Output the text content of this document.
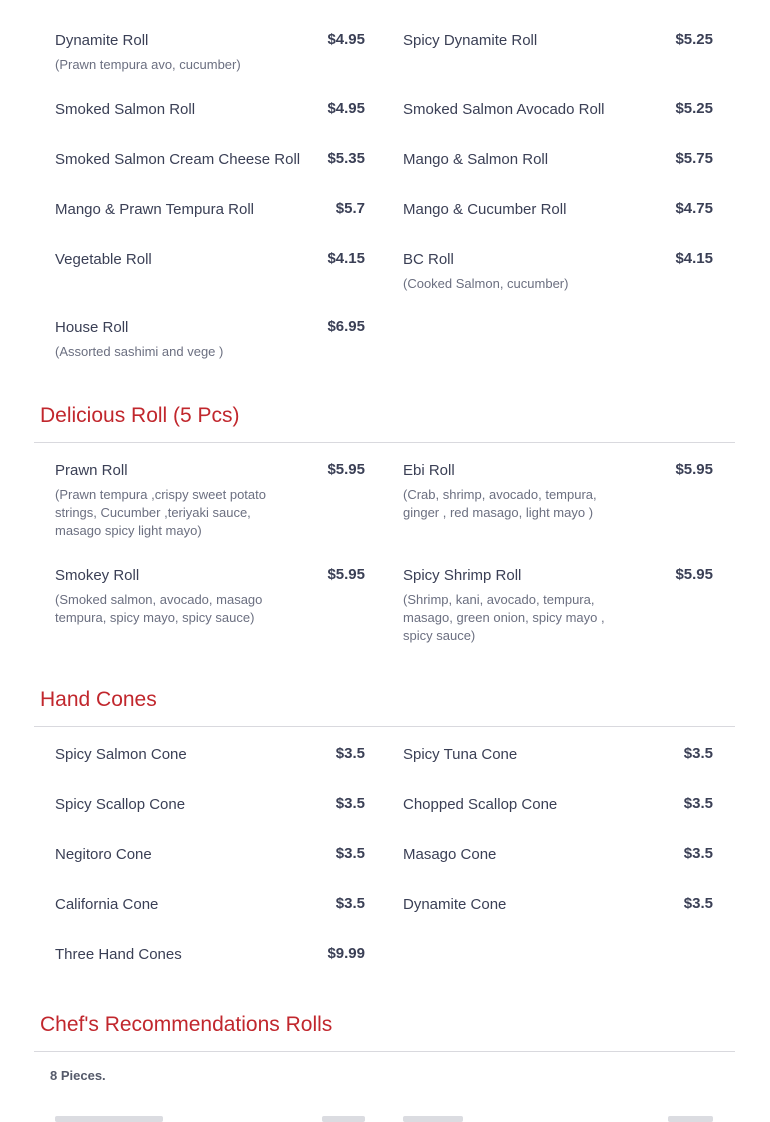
Dynamite Roll	$4.95
(Prawn tempura avo, cucumber)
Spicy Dynamite Roll	$5.25
Smoked Salmon Roll	$4.95	Smoked Salmon Avocado Roll	$5.25
Smoked Salmon Cream Cheese Roll $5.35	Mango & Salmon Roll	$5.75
Mango & Prawn Tempura Roll	$5.7	Mango & Cucumber Roll	$4.75
Vegetable Roll	$4.15	BC Roll	$4.15
(Cooked Salmon, cucumber)
House Roll	$6.95
(Assorted sashimi and vege )
Delicious Roll (5 Pcs)
Prawn Roll	$5.95
(Prawn tempura ,crispy sweet potato strings, Cucumber ,teriyaki sauce, masago spicy light mayo)
Ebi Roll	$5.95
(Crab, shrimp, avocado, tempura, ginger , red masago, light mayo )
Smokey Roll	$5.95
(Smoked salmon, avocado, masago tempura, spicy mayo, spicy sauce)
Spicy Shrimp Roll	$5.95
(Shrimp, kani, avocado, tempura, masago, green onion, spicy mayo , spicy sauce)
Hand Cones
Spicy Salmon Cone	$3.5	Spicy Tuna Cone	$3.5
Spicy Scallop Cone	$3.5	Chopped Scallop Cone	$3.5
Negitoro Cone	$3.5	Masago Cone	$3.5
California Cone	$3.5	Dynamite Cone	$3.5
Three Hand Cones	$9.99
Chef's Recommendations Rolls
8 Pieces.
